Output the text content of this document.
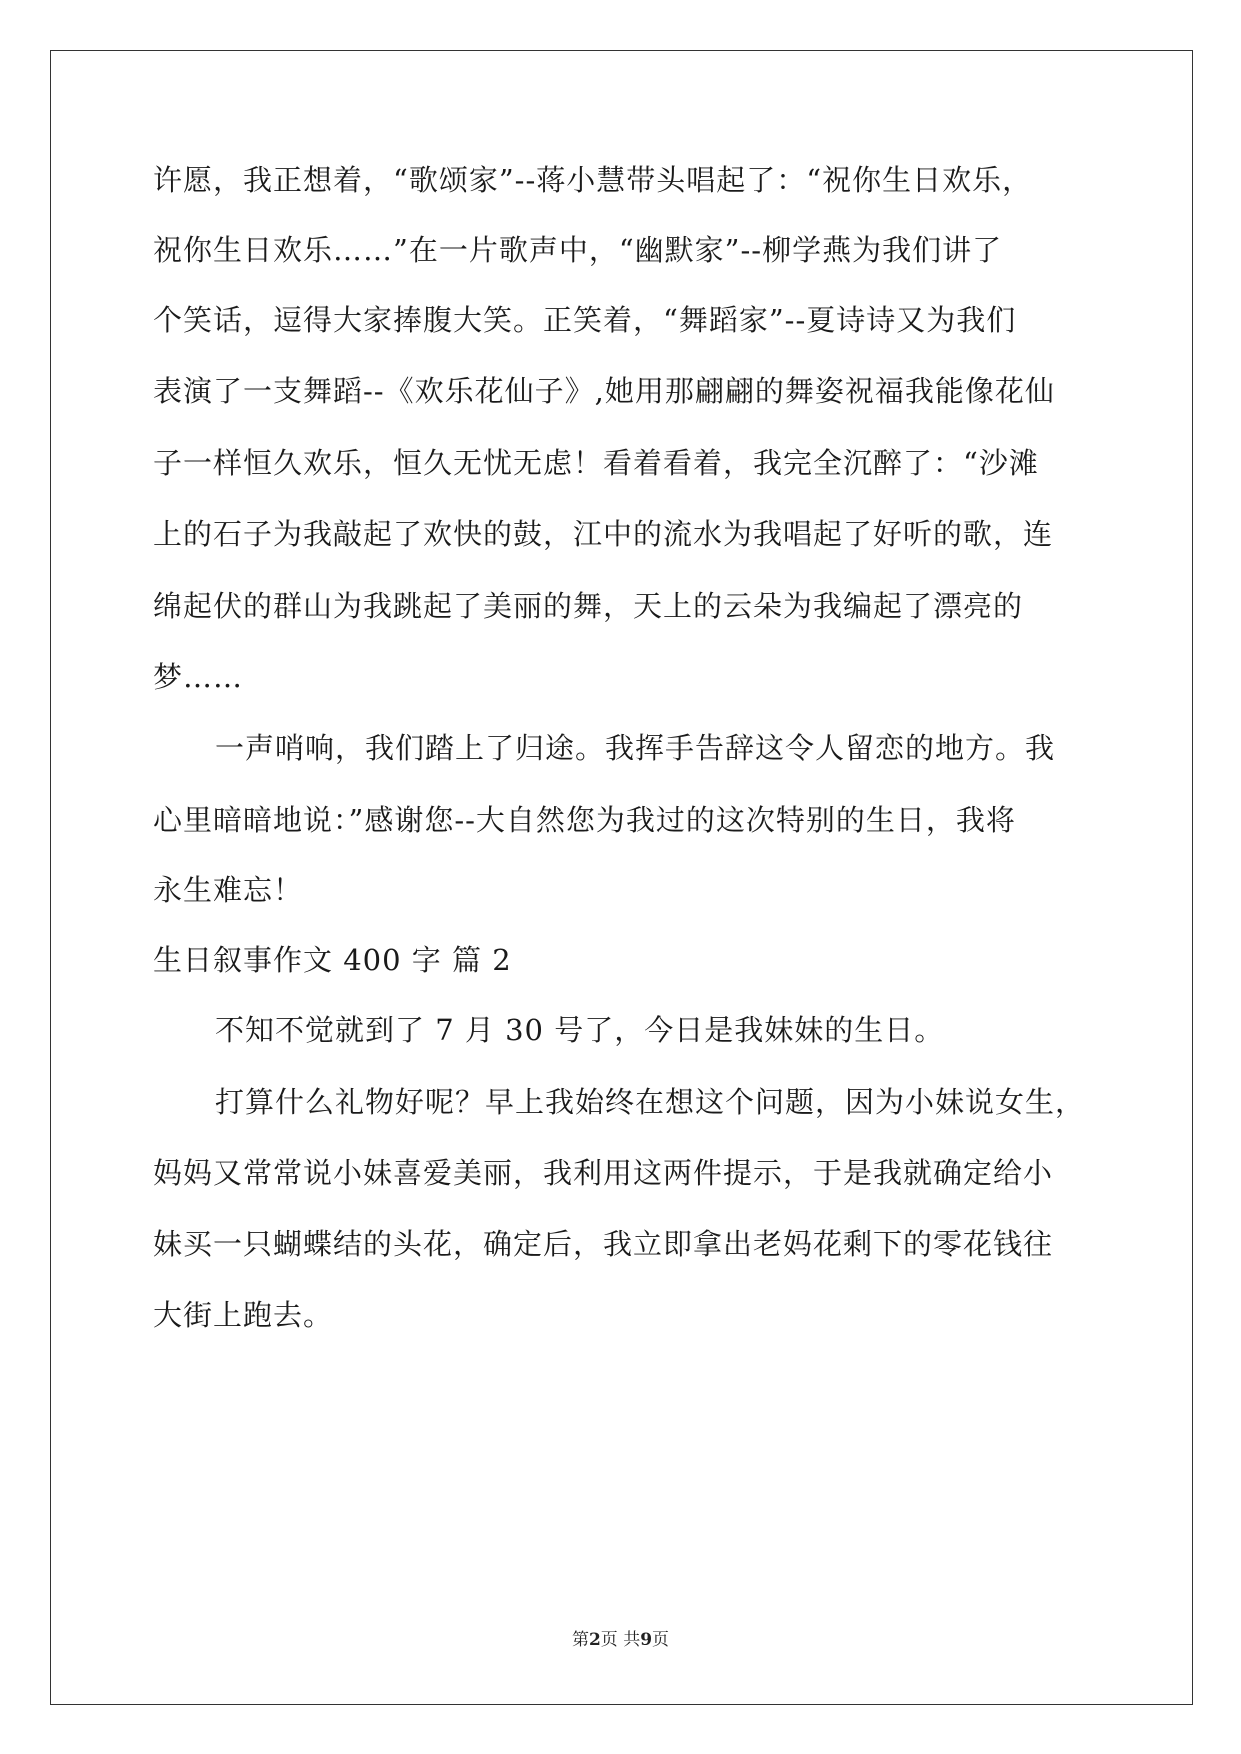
许愿，我正想着，“歌颂家”--蒋小慧带头唱起了：“祝你生日欢乐，
祝你生日欢乐……”在一片歌声中，“幽默家”--柳学燕为我们讲了
个笑话，逗得大家捧腹大笑。正笑着，“舞蹈家”--夏诗诗又为我们
表演了一支舞蹈--《欢乐花仙子》,她用那翩翩的舞姿祝福我能像花仙
子一样恒久欢乐，恒久无忧无虑！看着看着，我完全沉醉了：“沙滩
上的石子为我敲起了欢快的鼓，江中的流水为我唱起了好听的歌，连
绵起伏的群山为我跳起了美丽的舞，天上的云朵为我编起了漂亮的
梦……
一声哨响，我们踏上了归途。我挥手告辞这令人留恋的地方。我
心里暗暗地说：”感谢您--大自然您为我过的这次特别的生日，我将
永生难忘！
生日叙事作文 400 字 篇 2
不知不觉就到了 7 月 30 号了，今日是我妹妹的生日。
打算什么礼物好呢？早上我始终在想这个问题，因为小妹说女生，
妈妈又常常说小妹喜爱美丽，我利用这两件提示，于是我就确定给小
妹买一只蝴蝶结的头花，确定后，我立即拿出老妈花剩下的零花钱往
大街上跑去。
第2页 共9页
